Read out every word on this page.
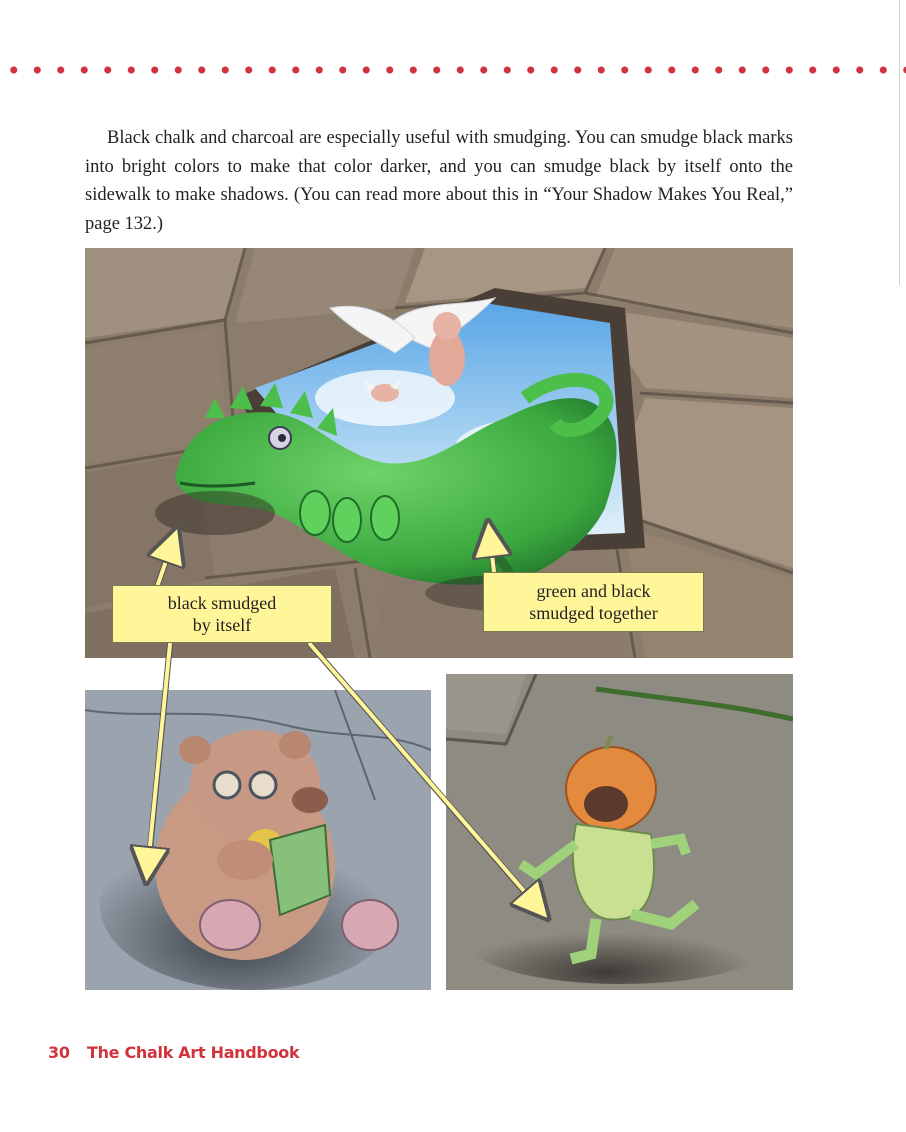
Black chalk and charcoal are especially useful with smudging. You can smudge black marks into bright colors to make that color darker, and you can smudge black by itself onto the sidewalk to make shadows. (You can read more about this in “Your Shadow Makes You Real,” page 132.)

black smudged
by itself
green and black
smudged together
30 The Chalk Art Handbook
